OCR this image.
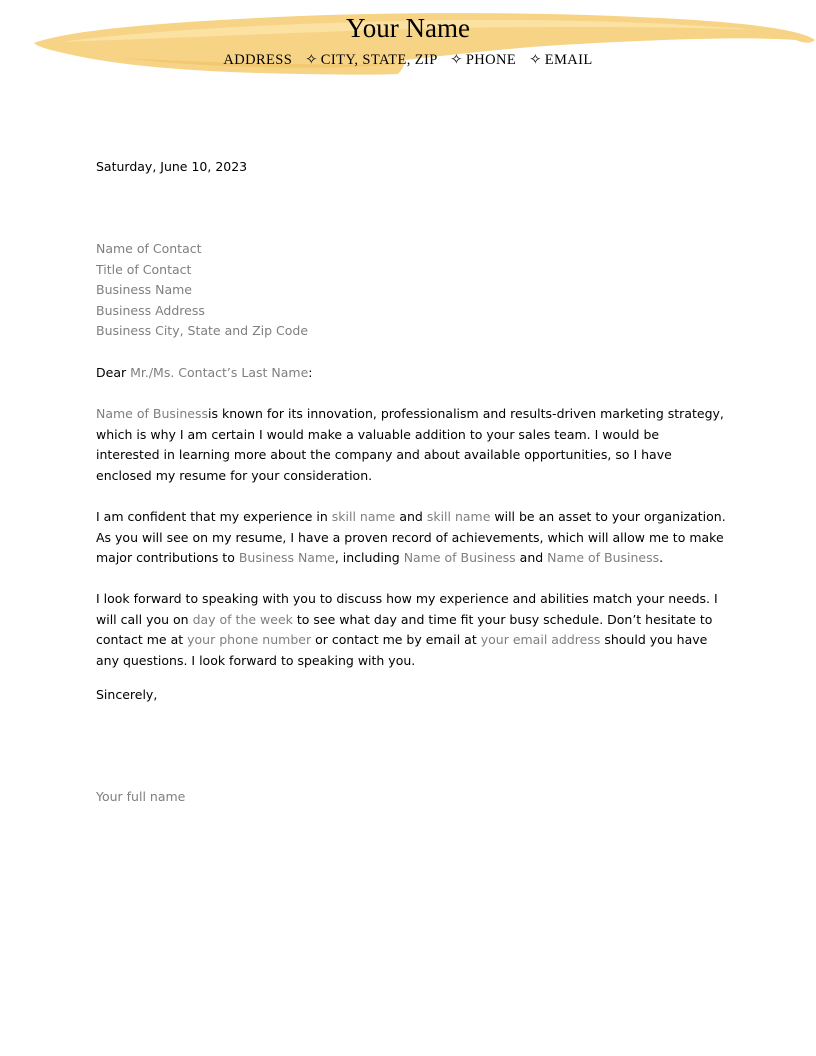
Your Name
ADDRESS ✧ CITY, STATE, ZIP ✧ PHONE ✧ EMAIL
Saturday, June 10, 2023
Name of Contact
Title of Contact
Business Name
Business Address
Business City, State and Zip Code
Dear Mr./Ms. Contact’s Last Name:
Name of Businessis known for its innovation, professionalism and results-driven marketing strategy, which is why I am certain I would make a valuable addition to your sales team. I would be interested in learning more about the company and about available opportunities, so I have enclosed my resume for your consideration.
I am confident that my experience in skill name and skill name will be an asset to your organization. As you will see on my resume, I have a proven record of achievements, which will allow me to make major contributions to Business Name, including Name of Business and Name of Business.
I look forward to speaking with you to discuss how my experience and abilities match your needs. I will call you on day of the week to see what day and time fit your busy schedule. Don’t hesitate to contact me at your phone number or contact me by email at your email address should you have any questions. I look forward to speaking with you.
Sincerely,
Your full name
